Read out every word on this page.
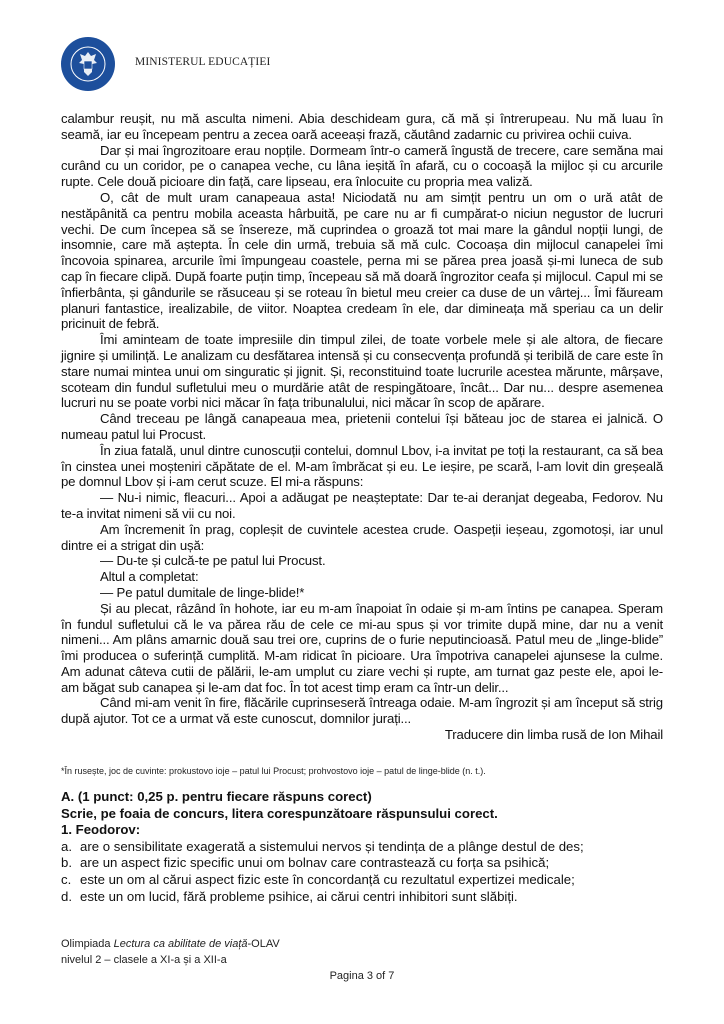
MINISTERUL EDUCAȚIEI

calambur reușit, nu mă asculta nimeni. Abia deschideam gura, că mă și întrerupeau. Nu mă luau în seamă, iar eu începeam pentru a zecea oară aceeași frază, căutând zadarnic cu privirea ochii cuiva.

Dar și mai îngrozitoare erau nopțile. Dormeam într-o cameră îngustă de trecere, care semăna mai curând cu un coridor, pe o canapea veche, cu lâna ieșită în afară, cu o cocoașă la mijloc și cu arcurile rupte. Cele două picioare din față, care lipseau, era înlocuite cu propria mea valiză.

O, cât de mult uram canapeaua asta! Niciodată nu am simțit pentru un om o ură atât de nestăpânită ca pentru mobila aceasta hârbuită, pe care nu ar fi cumpărat-o niciun negustor de lucruri vechi. De cum începea să se însereze, mă cuprindea o groază tot mai mare la gândul nopții lungi, de insomnie, care mă aștepta. În cele din urmă, trebuia să mă culc. Cocoașa din mijlocul canapelei îmi încovoia spinarea, arcurile îmi împungeau coastele, perna mi se părea prea joasă și-mi luneca de sub cap în fiecare clipă. După foarte puțin timp, începeau să mă doară îngrozitor ceafa și mijlocul. Capul mi se înfierbânta, și gândurile se răsuceau și se roteau în bietul meu creier ca duse de un vârtej... Îmi făuream planuri fantastice, irealizabile, de viitor. Noaptea credeam în ele, dar dimineața mă speriau ca un delir pricinuit de febră.

Îmi aminteam de toate impresiile din timpul zilei, de toate vorbele mele și ale altora, de fiecare jignire și umilință. Le analizam cu desfătarea intensă și cu consecvența profundă și teribilă de care este în stare numai mintea unui om singuratic și jignit. Și, reconstituind toate lucrurile acestea mărunte, mârșave, scoteam din fundul sufletului meu o murdărie atât de respingătoare, încât... Dar nu... despre asemenea lucruri nu se poate vorbi nici măcar în fața tribunalului, nici măcar în scop de apărare.

Când treceau pe lângă canapeaua mea, prietenii contelui își băteau joc de starea ei jalnică. O numeau patul lui Procust.

În ziua fatală, unul dintre cunoscuții contelui, domnul Lbov, i-a invitat pe toți la restaurant, ca să bea în cinstea unei moșteniri căpătate de el. M-am îmbrăcat și eu. Le ieșire, pe scară, l-am lovit din greșeală pe domnul Lbov și i-am cerut scuze. El mi-a răspuns:

— Nu-i nimic, fleacuri... Apoi a adăugat pe neașteptate: Dar te-ai deranjat degeaba, Fedorov. Nu te-a invitat nimeni să vii cu noi.

Am încremenit în prag, copleșit de cuvintele acestea crude. Oaspeții ieșeau, zgomotoși, iar unul dintre ei a strigat din ușă:

— Du-te și culcă-te pe patul lui Procust.

Altul a completat:

— Pe patul dumitale de linge-blide!*

Și au plecat, râzând în hohote, iar eu m-am înapoiat în odaie și m-am întins pe canapea. Speram în fundul sufletului că le va părea rău de cele ce mi-au spus și vor trimite după mine, dar nu a venit nimeni... Am plâns amarnic două sau trei ore, cuprins de o furie neputincioasă. Patul meu de „linge-blide” îmi producea o suferință cumplită. M-am ridicat în picioare. Ura împotriva canapelei ajunsese la culme. Am adunat câteva cutii de pălării, le-am umplut cu ziare vechi și rupte, am turnat gaz peste ele, apoi le-am băgat sub canapea și le-am dat foc. În tot acest timp eram ca într-un delir...

Când mi-am venit în fire, flăcările cuprinseseră întreaga odaie. M-am îngrozit și am început să strig după ajutor. Tot ce a urmat vă este cunoscut, domnilor jurați...

Traducere din limba rusă de Ion Mihail

*În rusește, joc de cuvinte: prokustovo ioje – patul lui Procust; prohvostovo ioje – patul de linge-blide (n. t.).
A. (1 punct: 0,25 p. pentru fiecare răspuns corect)
Scrie, pe foaia de concurs, litera corespunzătoare răspunsului corect.
1. Feodorov:
a. are o sensibilitate exagerată a sistemului nervos și tendința de a plânge destul de des;
b. are un aspect fizic specific unui om bolnav care contrastează cu forța sa psihică;
c. este un om al cărui aspect fizic este în concordanță cu rezultatul expertizei medicale;
d. este un om lucid, fără probleme psihice, ai cărui centri inhibitori sunt slăbiți.
Olimpiada Lectura ca abilitate de viață-OLAV
nivelul 2 – clasele a XI-a și a XII-a
Pagina 3 of 7
